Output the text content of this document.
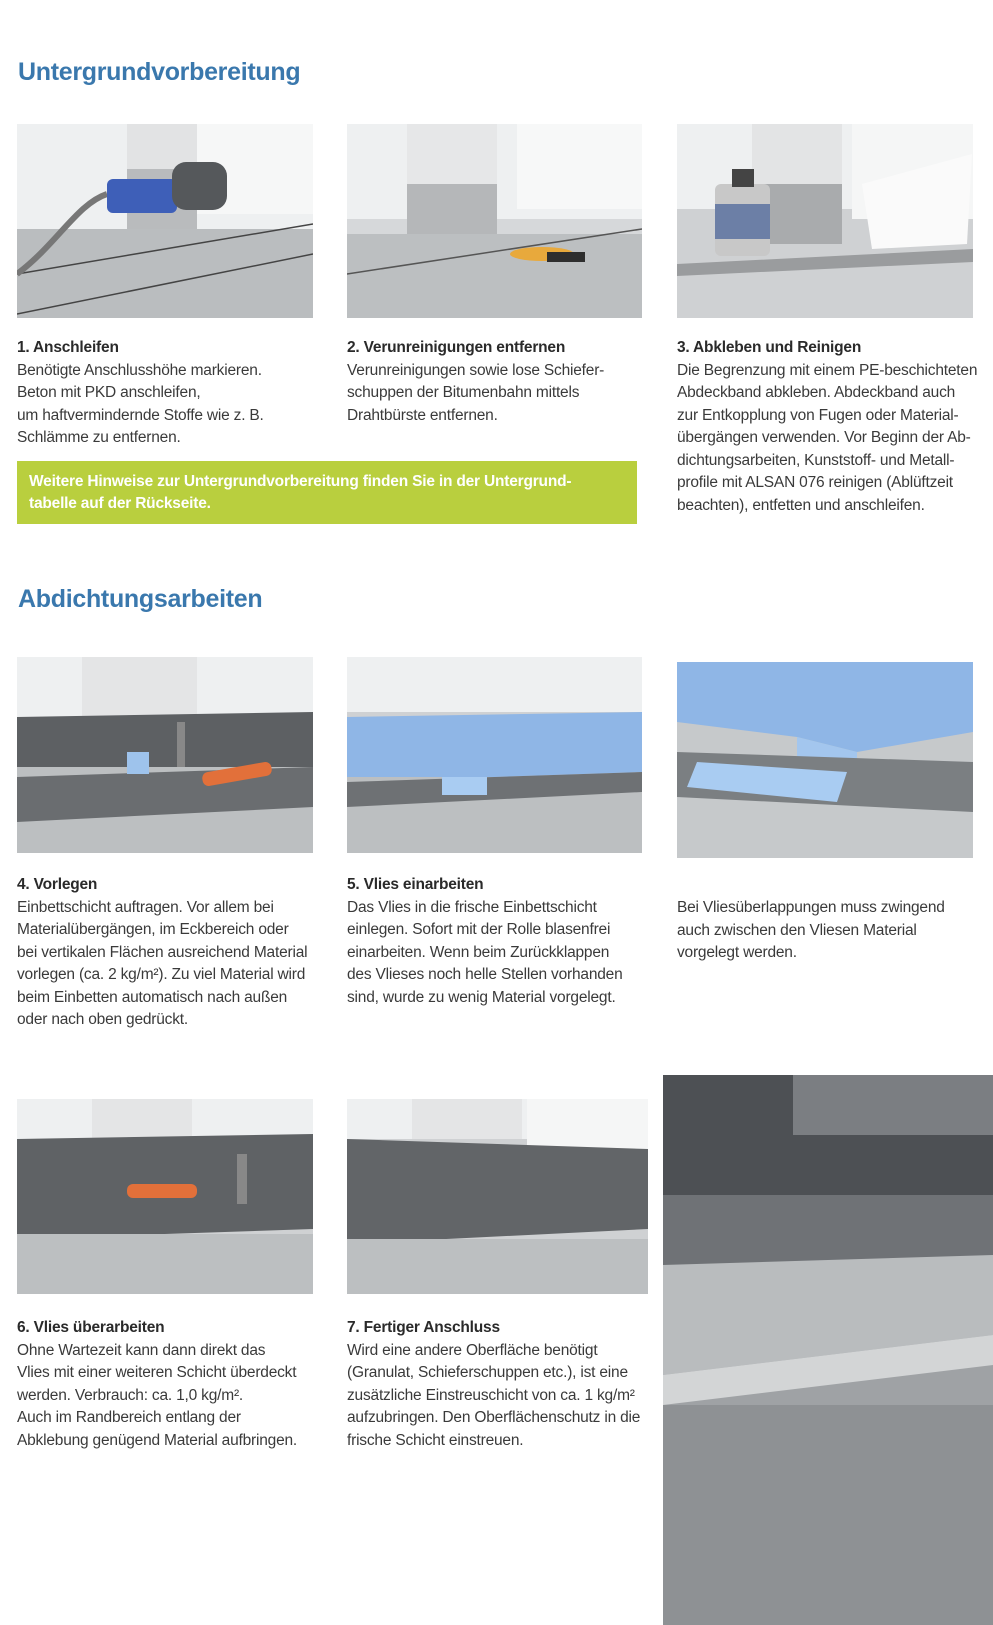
Untergrundvorbereitung
1. Anschleifen
Benötigte Anschlusshöhe markieren.
Beton mit PKD anschleifen,
um haftvermindernde Stoffe wie z. B.
Schlämme zu entfernen.
2. Verunreinigungen entfernen
Verunreinigungen sowie lose Schiefer-
schuppen der Bitumenbahn mittels
Drahtbürste entfernen.
3. Abkleben und Reinigen
Die Begrenzung mit einem PE-beschichteten
Abdeckband abkleben. Abdeckband auch
zur Entkopplung von Fugen oder Material-
übergängen verwenden. Vor Beginn der Ab-
dichtungsarbeiten, Kunststoff- und Metall-
profile mit ALSAN 076 reinigen (Ablüftzeit
beachten), entfetten und anschleifen.
Weitere Hinweise zur Untergrundvorbereitung finden Sie in der Untergrund-
tabelle auf der Rückseite.
Abdichtungsarbeiten
4. Vorlegen
Einbettschicht auftragen. Vor allem bei
Materialübergängen, im Eckbereich oder
bei vertikalen Flächen ausreichend Material
vorlegen (ca. 2 kg/m²). Zu viel Material wird
beim Einbetten automatisch nach außen
oder nach oben gedrückt.
5. Vlies einarbeiten
Das Vlies in die frische Einbettschicht
einlegen. Sofort mit der Rolle blasenfrei
einarbeiten. Wenn beim Zurückklappen
des Vlieses noch helle Stellen vorhanden
sind, wurde zu wenig Material vorgelegt.
Bei Vliesüberlappungen muss zwingend
auch zwischen den Vliesen Material
vorgelegt werden.
6. Vlies überarbeiten
Ohne Wartezeit kann dann direkt das
Vlies mit einer weiteren Schicht überdeckt
werden. Verbrauch: ca. 1,0 kg/m².
Auch im Randbereich entlang der
Abklebung genügend Material aufbringen.
7. Fertiger Anschluss
Wird eine andere Oberfläche benötigt
(Granulat, Schieferschuppen etc.), ist eine
zusätzliche Einstreuschicht von ca. 1 kg/m²
aufzubringen. Den Oberflächenschutz in die
frische Schicht einstreuen.
